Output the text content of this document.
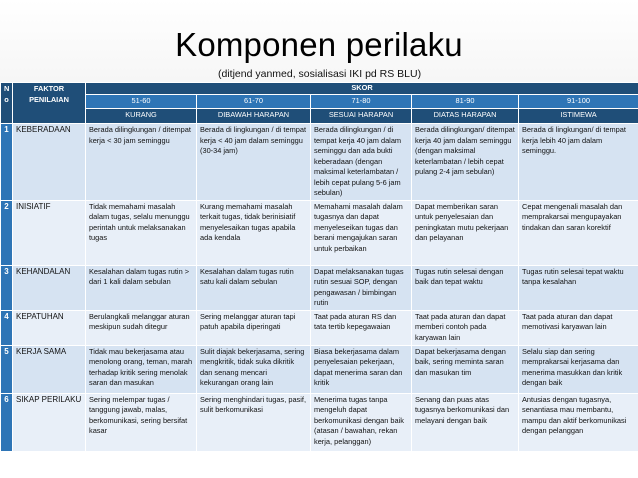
Komponen perilaku
(ditjend yanmed, sosialisasi IKI pd RS BLU)
N o	FAKTOR PENILAIAN	SKOR				
		51-60	61-70	71-80	81-90	91-100
		KURANG	DIBAWAH HARAPAN	SESUAI HARAPAN	DIATAS HARAPAN	ISTIMEWA
1	KEBERADAAN	Berada dilingkungan / ditempat kerja < 30 jam seminggu	Berada di lingkungan / di tempat kerja < 40 jam dalam seminggu (30-34 jam)	Berada dilingkungan / di tempat kerja 40 jam dalam seminggu dan ada bukti keberadaan (dengan maksimal keterlambatan / lebih cepat pulang 5-6 jam sebulan)	Berada dilingkungan/ ditempat kerja 40 jam dalam seminggu (dengan maksimal keterlambatan / lebih cepat pulang 2-4 jam sebulan)	Berada di lingkungan/ di tempat kerja lebih 40 jam dalam seminggu.
2	INISIATIF	Tidak memahami masalah dalam tugas, selalu menunggu perintah untuk melaksanakan tugas	Kurang memahami masalah terkait tugas, tidak berinisiatif menyelesaikan tugas apabila ada kendala	Memahami masalah dalam tugasnya dan dapat menyeleseikan tugas dan berani mengajukan saran untuk perbaikan	Dapat memberikan saran untuk penyelesaian dan peningkatan mutu pekerjaan dan pelayanan	Cepat mengenali masalah dan memprakarsai mengupayakan tindakan dan saran korektif
3	KEHANDALAN	Kesalahan dalam tugas rutin > dari 1 kali dalam sebulan	Kesalahan dalam tugas rutin satu kali dalam sebulan	Dapat melaksanakan tugas rutin sesuai SOP, dengan pengawasan / bimbingan rutin	Tugas rutin selesai dengan baik dan tepat waktu	Tugas rutin selesai tepat waktu tanpa kesalahan
4	KEPATUHAN	Berulangkali melanggar aturan meskipun sudah ditegur	Sering melanggar aturan tapi patuh apabila diperingati	Taat pada aturan RS dan tata tertib kepegawaian	Taat pada aturan dan dapat memberi contoh pada karyawan lain	Taat pada aturan dan dapat memotivasi karyawan lain
5	KERJA SAMA	Tidak mau bekerjasama atau menolong orang, teman, marah terhadap kritik sering menolak saran dan masukan	Sulit diajak bekerjasama, sering mengkritik, tidak suka dikritik dan senang mencari kekurangan orang lain	Biasa bekerjasama dalam penyelesaian pekerjaan, dapat menerima saran dan kritik	Dapat bekerjasama dengan baik, sering meminta saran dan masukan tim	Selalu siap dan sering memprakarsai kerjasama dan menerima masukkan dan kritik dengan baik
6	SIKAP PERILAKU	Sering melempar tugas / tanggung jawab, malas, berkomunikasi, sering bersifat kasar	Sering menghindari tugas, pasif, sulit berkomunikasi	Menerima tugas tanpa mengeluh dapat berkomunikasi dengan baik (atasan / bawahan, rekan kerja, pelanggan)	Senang dan puas atas tugasnya berkomunikasi dan melayani dengan baik	Antusias dengan tugasnya, senantiasa mau membantu, mampu dan aktif berkomunikasi dengan pelanggan
